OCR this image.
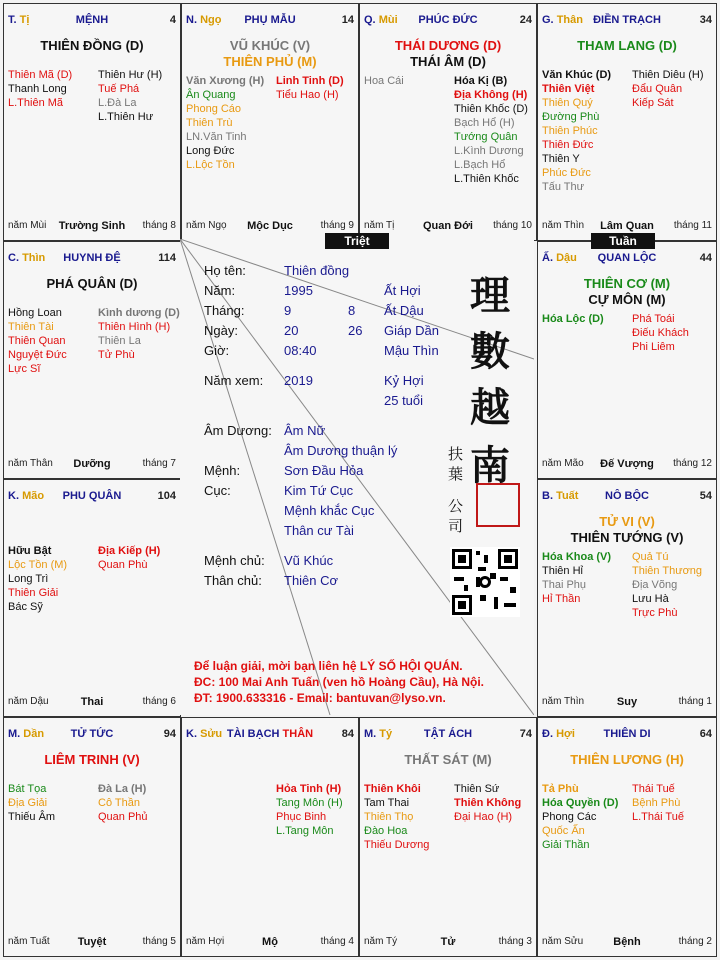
T. Tị	MỆNH	4
THIÊN ĐỒNG (D)
Thiên Mã (D)
Thanh Long
L.Thiên Mã
Thiên Hư (H)
Tuế Phá
L.Đà La
L.Thiên Hư
năm Mùi	Trường Sinh	tháng 8
N. Ngọ	PHỤ MẪU	14
VŨ KHÚC (V)
THIÊN PHỦ (M)
Văn Xương (H)
Ân Quang
Phong Cáo
Thiên Trù
LN.Văn Tinh
Long Đức
L.Lộc Tồn
Linh Tinh (D)
Tiểu Hao (H)
năm Ngọ	Mộc Dục	tháng 9
Q. Mùi	PHÚC ĐỨC	24
THÁI DƯƠNG (D)
THÁI ÂM (D)
Hoa Cái	Hóa Kị (B)
Địa Không (H)
Thiên Khốc (D)
Bạch Hổ (H)
Tướng Quân
L.Kình Dương
L.Bạch Hổ
L.Thiên Khốc
năm Tị	Quan Đới	tháng 10
G. Thân ĐIỀN TRẠCH	34
THAM LANG (D)
Văn Khúc (D)
Thiên Việt
Thiên Quý
Đường Phù
Thiên Phúc
Thiên Đức
Thiên Y
Phúc Đức
Tấu Thư
Thiên Diêu (H)
Đẩu Quân
Kiếp Sát
năm Thìn	Lâm Quan	tháng 11
C. Thìn	HUYNH ĐỆ	114
PHÁ QUÂN (D)
Hồng Loan
Thiên Tài
Thiên Quan
Nguyệt Đức
Lực Sĩ
Kình dương (D)
Thiên Hình (H)
Thiên La
Tử Phù
năm Thân	Dưỡng	tháng 7
Ấ. Dậu	QUAN LỘC	44
THIÊN CƠ (M)
CỰ MÔN (M)
Hóa Lộc (D)	Phá Toái
Điếu Khách
Phi Liêm
năm Mão	Đế Vượng	tháng 12
K. Mão	PHU QUÂN	104
Hữu Bật
Lộc Tồn (M)
Long Trì
Thiên Giải
Bác Sỹ
Địa Kiếp (H)
Quan Phù
năm Dậu	Thai	tháng 6
B. Tuất	NÔ BỘC	54
TỬ VI (V)
THIÊN TƯỚNG (V)
Hóa Khoa (V)
Thiên Hỉ
Thai Phụ
Hỉ Thần
Quả Tú
Thiên Thương
Địa Võng
Lưu Hà
Trực Phù
năm Thìn	Suy	tháng 1
M. Dần	TỬ TỨC	94
LIÊM TRINH (V)
Bát Tọa
Địa Giải
Thiếu Âm
Đà La (H)
Cô Thần
Quan Phủ
năm Tuất	Tuyệt	tháng 5
K. Sửu TÀI BẠCH THÂN	84
Hỏa Tinh (H)
Tang Môn (H)
Phục Binh
L.Tang Môn
năm Hợi	Mộ	tháng 4
M. Tý	TẬT ÁCH	74
THẤT SÁT (M)
Thiên Khôi
Tam Thai
Thiên Thọ
Đào Hoa
Thiếu Dương
Thiên Sứ
Thiên Không
Đại Hao (H)
năm Tý	Tử	tháng 3
Đ. Hợi	THIÊN DI	64
THIÊN LƯƠNG (H)
Tả Phù
Hóa Quyền (D)
Phong Các
Quốc Ấn
Giải Thần
Thái Tuế
Bệnh Phù
L.Thái Tuế
năm Sửu	Bệnh	tháng 2
Họ tên:	Thiên đồng
Năm:	1995	Ất Hợi
Tháng:	9	8 Ất Dậu
Ngày:	20	26 Giáp Dần
Giờ:	08:40	Mậu Thìn
Năm xem: 2019	Kỷ Hợi
25 tuổi
Âm Dương: Âm Nữ
Âm Dương thuận lý
Mệnh:	Sơn Đầu Hỏa
Cục:	Kim Tứ Cục
Mệnh khắc Cục
Thân cư Tài
Mệnh chủ: Vũ Khúc
Thân chủ: Thiên Cơ
理
數
越
南
扶
葉
公
司
Để luận giải, mời bạn liên hệ LÝ SỐ HỘI QUÁN.
ĐC: 100 Mai Anh Tuấn (ven hồ Hoàng Cầu), Hà Nội.
ĐT: 1900.633316 - Email: bantuvan@lyso.vn.
Triệt	Tuần
